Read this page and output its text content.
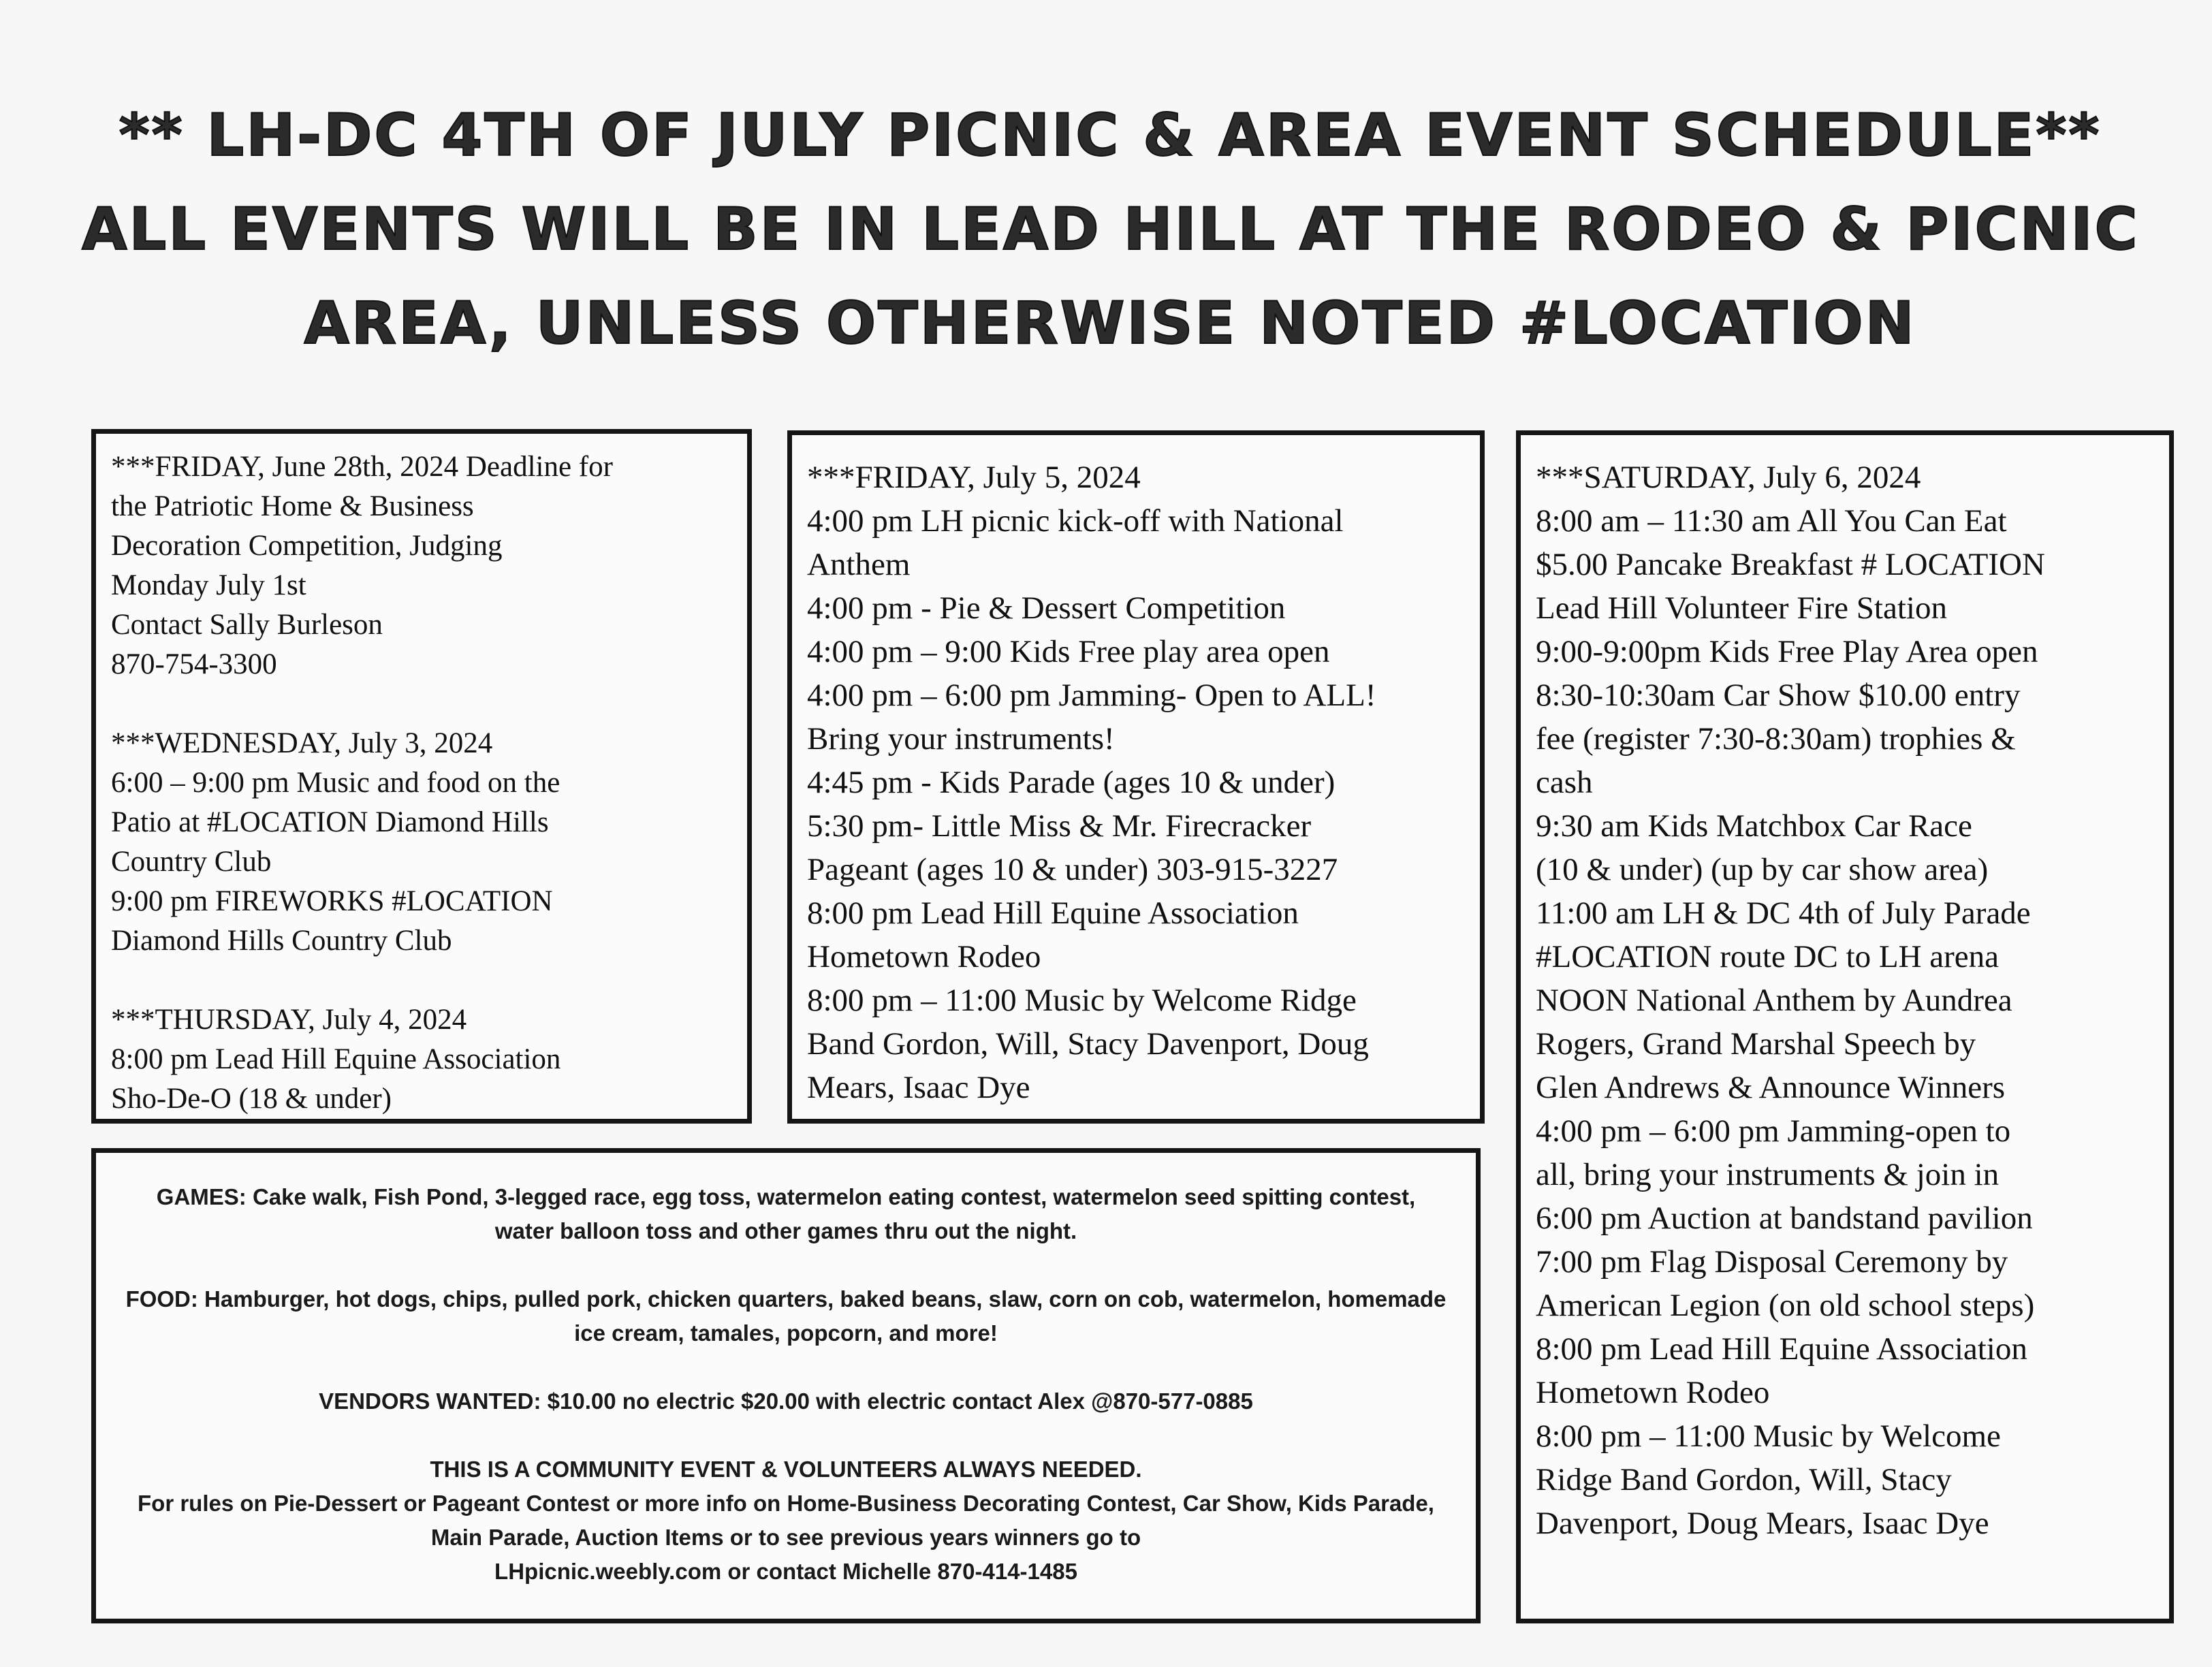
** LH-DC 4TH OF JULY PICNIC & AREA EVENT SCHEDULE**
ALL EVENTS WILL BE IN LEAD HILL AT THE RODEO & PICNIC
AREA, UNLESS OTHERWISE NOTED #LOCATION
***FRIDAY, June 28th, 2024 Deadline for
the Patriotic Home & Business
Decoration Competition, Judging
Monday July 1st
Contact Sally Burleson
870-754-3300
***WEDNESDAY, July 3, 2024
6:00 – 9:00 pm Music and food on the
Patio at #LOCATION Diamond Hills
Country Club
9:00 pm FIREWORKS #LOCATION
Diamond Hills Country Club
***THURSDAY, July 4, 2024
8:00 pm Lead Hill Equine Association
Sho-De-O (18 & under)
***FRIDAY, July 5, 2024
4:00 pm LH picnic kick-off with National
Anthem
4:00 pm - Pie & Dessert Competition
4:00 pm – 9:00 Kids Free play area open
4:00 pm – 6:00 pm Jamming- Open to ALL!
Bring your instruments!
4:45 pm - Kids Parade (ages 10 & under)
5:30 pm- Little Miss & Mr. Firecracker
Pageant (ages 10 & under) 303-915-3227
8:00 pm Lead Hill Equine Association
Hometown Rodeo
8:00 pm – 11:00 Music by Welcome Ridge
Band Gordon, Will, Stacy Davenport, Doug
Mears, Isaac Dye
***SATURDAY, July 6, 2024
8:00 am – 11:30 am All You Can Eat
$5.00 Pancake Breakfast # LOCATION
Lead Hill Volunteer Fire Station
9:00-9:00pm Kids Free Play Area open
8:30-10:30am Car Show $10.00 entry
fee (register 7:30-8:30am) trophies &
cash
9:30 am Kids Matchbox Car Race
(10 & under) (up by car show area)
11:00 am LH & DC 4th of July Parade
#LOCATION route DC to LH arena
NOON National Anthem by Aundrea
Rogers, Grand Marshal Speech by
Glen Andrews & Announce Winners
4:00 pm – 6:00 pm Jamming-open to
all, bring your instruments & join in
6:00 pm Auction at bandstand pavilion
7:00 pm Flag Disposal Ceremony by
American Legion (on old school steps)
8:00 pm Lead Hill Equine Association
Hometown Rodeo
8:00 pm – 11:00 Music by Welcome
Ridge Band Gordon, Will, Stacy
Davenport, Doug Mears, Isaac Dye

GAMES: Cake walk, Fish Pond, 3-legged race, egg toss, watermelon eating contest, watermelon seed spitting contest,
water balloon toss and other games thru out the night.

FOOD: Hamburger, hot dogs, chips, pulled pork, chicken quarters, baked beans, slaw, corn on cob, watermelon, homemade
ice cream, tamales, popcorn, and more!

VENDORS WANTED: $10.00 no electric $20.00 with electric contact Alex @870-577-0885

THIS IS A COMMUNITY EVENT & VOLUNTEERS ALWAYS NEEDED.
For rules on Pie-Dessert or Pageant Contest or more info on Home-Business Decorating Contest, Car Show, Kids Parade,
Main Parade, Auction Items or to see previous years winners go to
LHpicnic.weebly.com or contact Michelle 870-414-1485
